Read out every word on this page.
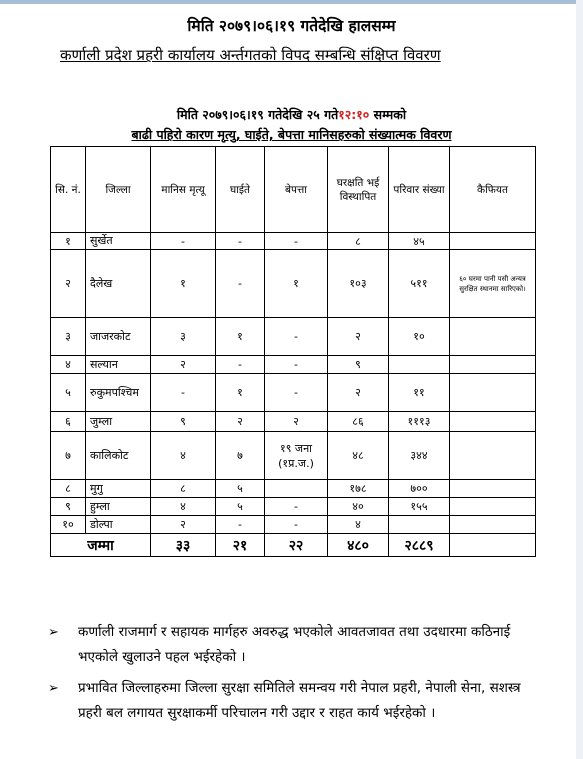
मिति २०७९।०६।१९ गतेदेखि हालसम्म
कर्णाली प्रदेश प्रहरी कार्यालय अर्न्तगतको विपद सम्बन्धि संक्षिप्त विवरण
मिति २०७९।०६।१९ गतेदेखि २५ गते१२:१० सम्मको
बाढी पहिरो कारण मृत्यु, घाईते, बेपत्ता मानिसहरुको संख्यात्मक विवरण
सि. नं.	जिल्ला	मानिस मृत्यू	घाईते	बेपत्ता	घरक्षति भई विस्थापित	परिवार संख्या	कैफियत
१	सुर्खेत	-	-	-	८	४५	
२	दैलेख	१	-	१	१०३	५११	६० घरमा पानी पसी अन्यत्र सुरक्षित स्थानमा सारिएको।
३	जाजरकोट	३	१	-	२	१०	
४	सल्यान	२	-	-	९		
५	रुकुमपश्चिम	-	१	-	२	११	
६	जुम्ला	९	२	२	८६	१११३	
७	कालिकोट	४	७	१९ जना (१प्र.ज.)	४८	३४४	
८	मुगु	८	५		१७८	७००	
९	हुम्ला	४	५	-	४०	१५५	
१०	डोल्पा	२	-	-	४		
जम्मा		३३	२१	२२	४८०	२८८९	
➢ कर्णाली राजमार्ग र सहायक मार्गहरु अवरुद्ध भएकोले आवतजावत तथा उदधारमा कठिनाई भएकोले खुलाउने पहल भईरहेको ।
➢ प्रभावित जिल्लाहरुमा जिल्ला सुरक्षा समितिले समन्वय गरी नेपाल प्रहरी, नेपाली सेना, सशस्त्र प्रहरी बल लगायत सुरक्षाकर्मी परिचालन गरी उद्दार र राहत कार्य भईरहेको ।
